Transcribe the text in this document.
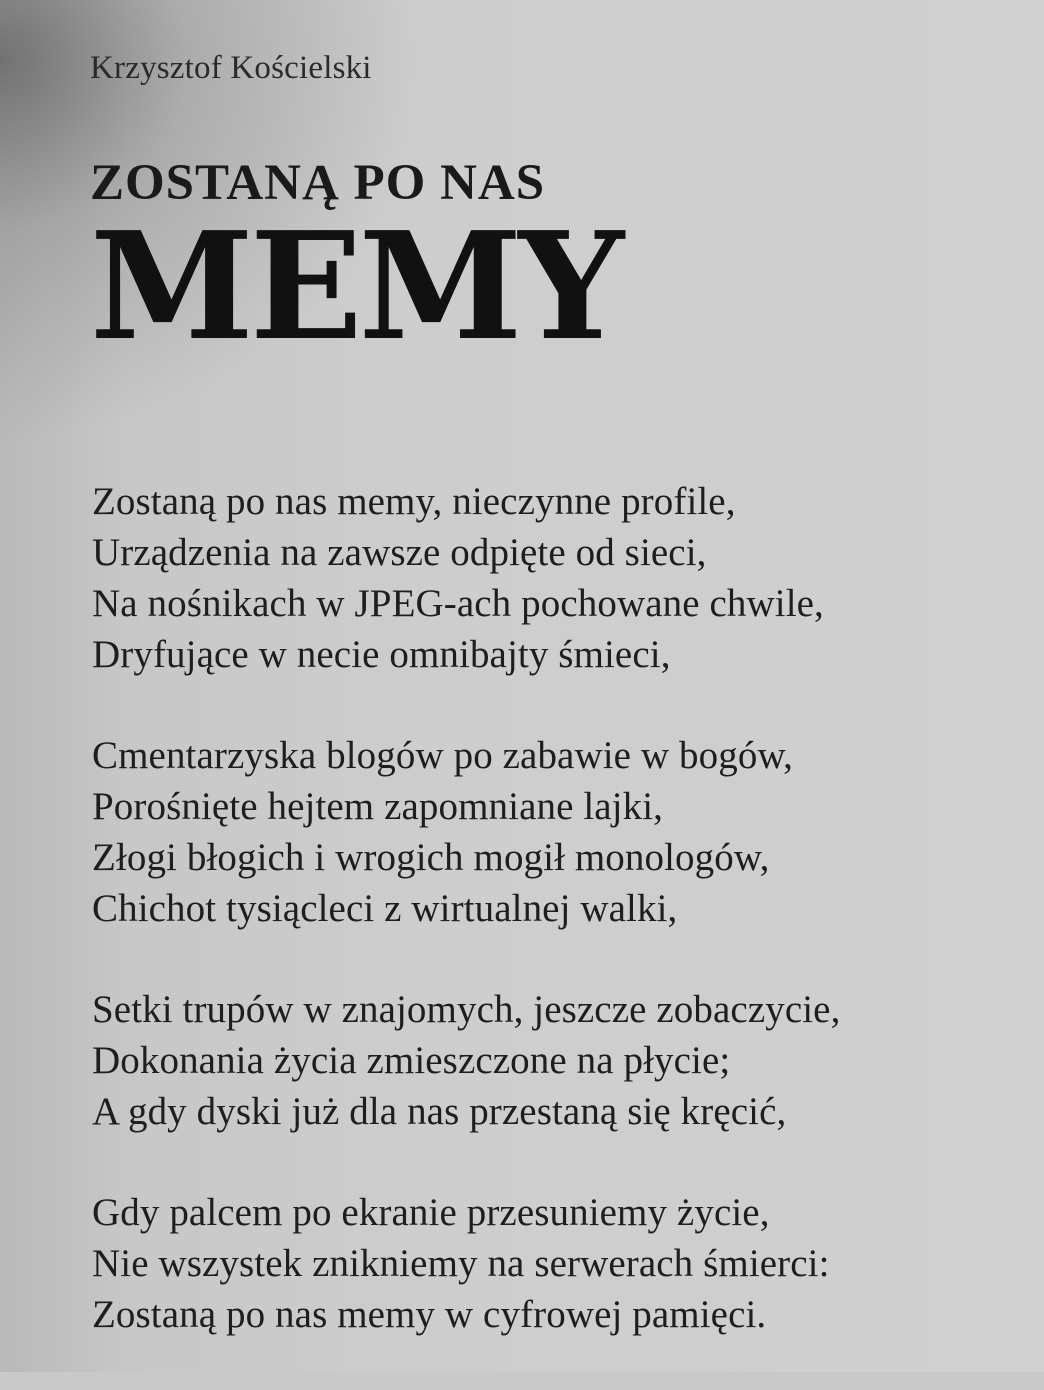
Krzysztof Kościelski
ZOSTANĄ PO NAS
MEMY
Zostaną po nas memy, nieczynne profile,
Urządzenia na zawsze odpięte od sieci,
Na nośnikach w JPEG-ach pochowane chwile,
Dryfujące w necie omnibajty śmieci,
Cmentarzyska blogów po zabawie w bogów,
Porośnięte hejtem zapomniane lajki,
Złogi błogich i wrogich mogił monologów,
Chichot tysiącleci z wirtualnej walki,
Setki trupów w znajomych, jeszcze zobaczycie,
Dokonania życia zmieszczone na płycie;
A gdy dyski już dla nas przestaną się kręcić,
Gdy palcem po ekranie przesuniemy życie,
Nie wszystek znikniemy na serwerach śmierci:
Zostaną po nas memy w cyfrowej pamięci.
